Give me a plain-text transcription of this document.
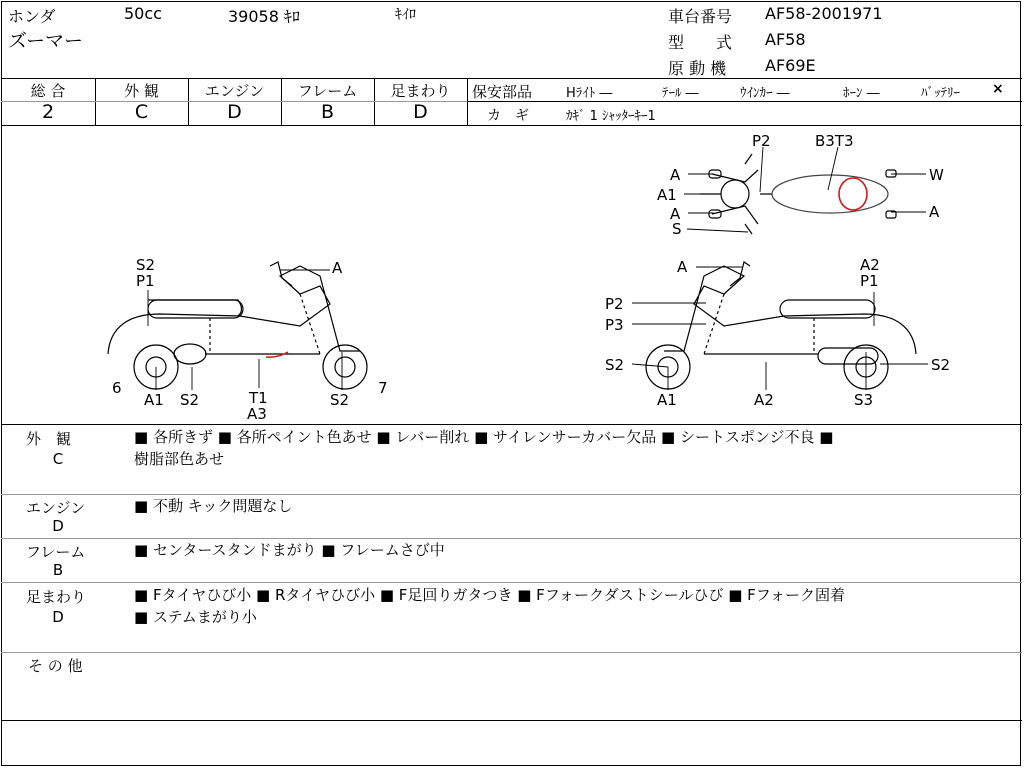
ホンダ	50cc	39058 ｷﾛ	ｷｲﾛ
ズーマー
車台番号 AF58-2001971
型　　式 AF58
原 動 機 AF69E
総 合
2
外 観
C
エンジン
D
フレーム
B
足まわり
D
保安部品	Hﾗｲﾄ ―	ﾃｰﾙ ―	ｳｲﾝｶｰ ―	ﾎｰﾝ ―	ﾊﾞｯﾃﾘｰ ×
カ　ギ	ｶｷﾞ 1 ｼｬｯﾀｰｷｰ1
P2	B3T3
A
A1
A
S
W
A
S2
P1
A
6
A1 S2	T1
A3
S2
7
A	A2
P1
P2
P3
S2	S2
A1	A2	S3
外　観
C
■ 各所きず ■ 各所ペイント色あせ ■ レバー削れ ■ サイレンサーカバー欠品 ■ シートスポンジ不良 ■
樹脂部色あせ
エンジン
D
■ 不動 キック問題なし
フレーム
B
■ センタースタンドまがり ■ フレームさび中
足まわり
D
■ Fタイヤひび小 ■ Rタイヤひび小 ■ F足回りガタつき ■ Fフォークダストシールひび ■ Fフォーク固着
■ ステムまがり小
そ の 他
